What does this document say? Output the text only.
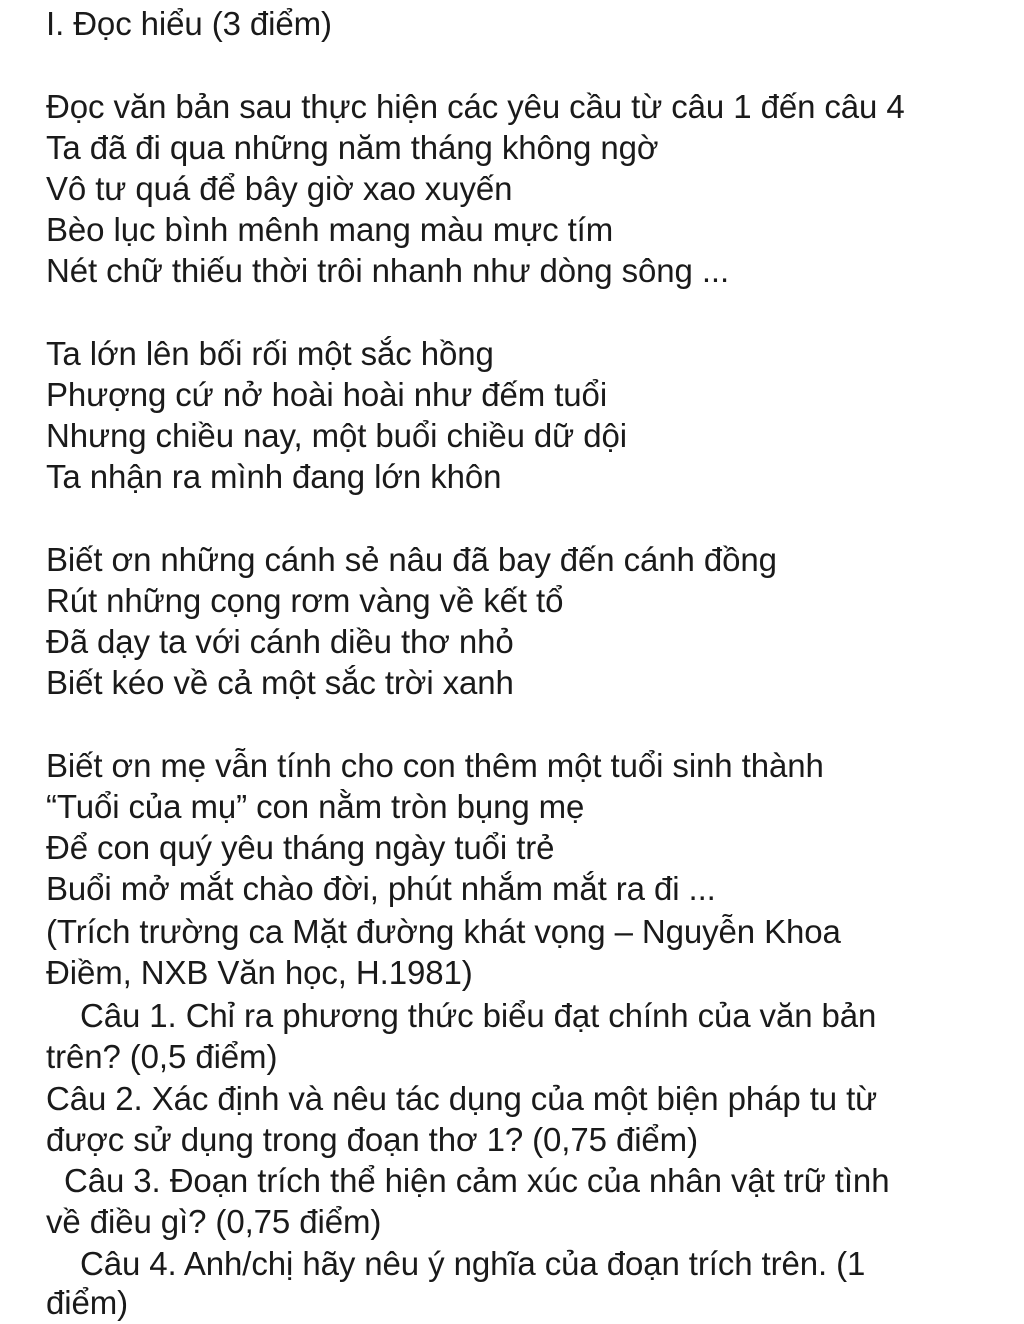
I. Đọc hiểu (3 điểm)
Đọc văn bản sau thực hiện các yêu cầu từ câu 1 đến câu 4
Ta đã đi qua những năm tháng không ngờ
Vô tư quá để bây giờ xao xuyến
Bèo lục bình mênh mang màu mực tím
Nét chữ thiếu thời trôi nhanh như dòng sông ...
Ta lớn lên bối rối một sắc hồng
Phượng cứ nở hoài hoài như đếm tuổi
Nhưng chiều nay, một buổi chiều dữ dội
Ta nhận ra mình đang lớn khôn
Biết ơn những cánh sẻ nâu đã bay đến cánh đồng
Rút những cọng rơm vàng về kết tổ
Đã dạy ta với cánh diều thơ nhỏ
Biết kéo về cả một sắc trời xanh
Biết ơn mẹ vẫn tính cho con thêm một tuổi sinh thành
“Tuổi của mụ” con nằm tròn bụng mẹ
Để con quý yêu tháng ngày tuổi trẻ
Buổi mở mắt chào đời, phút nhắm mắt ra đi ...
(Trích trường ca Mặt đường khát vọng – Nguyễn Khoa
Điềm, NXB Văn học, H.1981)
Câu 1. Chỉ ra phương thức biểu đạt chính của văn bản
trên? (0,5 điểm)
Câu 2. Xác định và nêu tác dụng của một biện pháp tu từ
được sử dụng trong đoạn thơ 1? (0,75 điểm)
Câu 3. Đoạn trích thể hiện cảm xúc của nhân vật trữ tình
về điều gì? (0,75 điểm)
Câu 4. Anh/chị hãy nêu ý nghĩa của đoạn trích trên. (1
điểm)
